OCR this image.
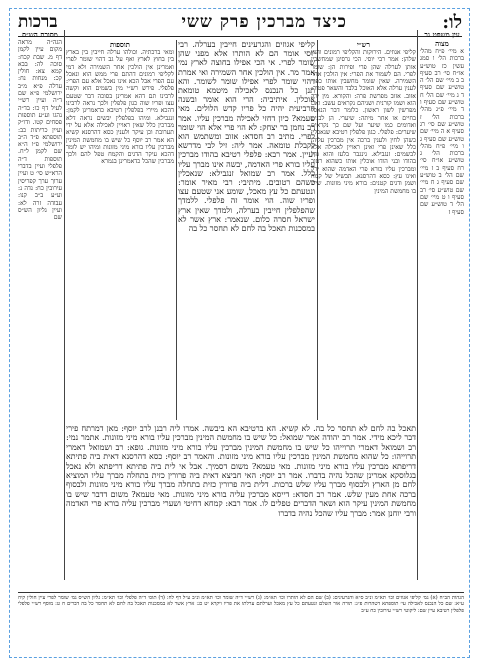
לו:
כיצד מברכין פרק ששי
ברכות
עין משפט נר מצוה
א מיי׳ פ״ח מהל׳ ברכות הל׳ ו סמג עשין כז טוש״ע או״ח סי׳ רב סעיף ב ב מיי׳ שם הל׳ ה טוש״ע שם סעיף ד ג מיי׳ שם הל׳ ח טוש״ע שם סעיף ו ד מיי׳ פ״ג מהל׳ ברכות הל׳ ז טוש״ע שם סי׳ רג סעיף א ה מיי׳ שם טוש״ע שם סעיף ג ו מיי׳ פ״ח מהל׳ ברכות הל׳ ג טוש״ע או״ח סי׳ רח סעיף ב ז מיי׳ שם הל׳ ב טוש״ע שם סעיף ג ח מיי׳ שם טוש״ע סי׳ רב סעיף ו ט מיי׳ שם הל׳ ד טוש״ע שם סעיף ז
מסורת הש״ס
הגה״ה מראה מקום עיין לקמן דף מ. שבת קכח: סוכה לה: בבא קמא צא: חולין קכ: מנחות נח: ערלה פ״א מ״ב ירושלמי פ״א שם ד״ה ועיין רש״י לעיל דף כו: בד״ה נהגו וע״ע תוספות פסחים קטו. ודו״ק ועיין כריתות כב: תוספתא פ״ד ה״ב ירושלמי פ״ו ה״א שם לקמן ל״ח. תוספות ד״ה פלפלי ועיין בדברי הרא״ש סי׳ ט ועיין ערוך ערך קפריסין עירובין כח: נדה נ: וע״ע ב״ב קנו: עבודה זרה לא: ועיין גליון הש״ס שם
רש״י
קליפי אגוזים. הירוקות והקליפי רמונים והנץ שלהן: אמר רבי יוסי. הכי גרסינן שמחשבין אותן לערלה שהן פרי ופירות הן: שומר לפרי. הם לשמור את הפרי: אין הולכין אחר השמירה. שאין שומר מחשבין אותו כפרי לענין ערלה אלא האוכל בלבד והשאר פטור: אזוב. אזוב מפרשת פרה: והקורא. מין ירק הוא ושמו קורנית ושניהם נקראים עשב: ואם מפרשין לשון ראשון. כלומר דבר הנאכל בחיים או אחר מיתה: שיערי. הן לבנים ואדומים כמו שיער ועל שם כך נקראים שיערים: פלפלי. כגון פלפלין רטיבא שנאכלין כשהן לחין ולענין ברכה אין מברכין עליהן כלל שאינן פרי ואינן ראויין לאכילה אלא לבשמים: זנגבילא. גינגבר בלעז והוא גדל בהודו ובני הודו אוכלין אותו כשהוא רטוב ומברכין עליו בורא פרי האדמה שהוא ירק ואינו עץ: כסא דהרסנא. תבשיל של קמח ושמן ודגים קטנים: בורא מיני מזונות. שיש בו מחמשת המינין
תוספות
ומאי ברכתיה. וכולהו ערלה חייבין בין בארץ בין בחוץ לארץ ואף על גב דהוי שומר לפרי ואמרינן אין הולכין אחר השמירה ולא דמי לקליפי רמונים דהתם פרי ממש הוא ונאכל עם הפרי אבל הכא אינו נאכל אלא עם הפרי: פלפלי. פירש רש״י מין בשמים הוא וקשה לרבינו תם דהא אמרינן בסוכה דבר שטעם עצו ופריו שוה כגון פלפלין ולכך נראה לרבינו דהכא מיירי בפלפלין רטיבא כדאמרינן לקמן: זנגבילא. ומיהו בפלפלין יבשים נראה דלא מברכין כלל שאין ראויין לאכילה אלא על ידי תערובת וכן עיקר ולענין כסא דהרסנא קשיא הא אמר רב יוסף כל שיש בו מחמשת המינין מברכין עליו בורא מיני מזונות ומיהו יש לומר דהכא עיקר הדגים והקמח טפל להם ולכך מברכין שהכל כדאמרינן בגמרא
קליפי אגוזים והגרעינים חייבין בערלה. רבי יוסי אומר הם לא הותרו אלא מפני שהן שומר לפרי. אי הכי אפילו בחוצה לארץ נמי אמר מר. אין הולכין אחר השמירה ואי אמרת דהוי שומר לפרי אפילו שומר לשומר. והא תנן כל הנכנס לאכילה מיטמא טומאת אוכלין. איתיביה: הרי הוא אומר ובשנה הרביעית יהיה כל פריו קדש הלולים. מאי טעמא? כיון דחזי לאכילה מברכין עליו. אמר רב נחמן בר יצחק: לא הוי פרי אלא הוי שומר לפרי. מתיב רב חסדא: אזוב ומשתמש הוא לקבלת טומאה. אמר ליה: זיל לבי מדרשא ועיין. אמר רבא: פלפלי רטיבא בהודו מברכין עליו בורא פרי האדמה, יבשה אינו מברך עליו כלל. אמר רב שמואל זנגבילא: שנאכלין כשהם רטובים. מיתיבי: רבי מאיר אומר: ונטעתם כל עץ מאכל, שומע אני שטעם עצו ופריו שוה. הוי אומר זה פלפלי. ללמדך שהפלפלין חייבין בערלה, ולמדך שאין ארץ ישראל חסרה כלום. שנאמר: ארץ אשר לא במסכנות תאכל בה לחם לא תחסר כל בה
תאכל בה לחם לא תחסר כל בה. לא קשיא. הא ברטיבא הא ביבשה. אמרו ליה רבנן לרב יוסף: מאן דמרתח פירי דבר ליכא מידי. אמר רב יהודה אמר שמואל: כל שיש בו מחמשת המינין מברכין עליו בורא מיני מזונות. אתמר נמי: רב ושמואל דאמרי תרוייהו כל שיש בו מחמשת המינין מברכין עליו בורא מיני מזונות. גופא: רב ושמואל דאמרי תרוייהו: כל שהוא מחמשת המינין מברכין עליו בורא מיני מזונות. והאמר רב יוסף: כסא דהרסנא דאית ביה פתיתא דריפתא מברכין עליו בורא מיני מזונות. מאי טעמא? משום דסמיך. אבל אי לית ביה פתיתא דריפתא ולא נאכל בגלוסקא אמרינן שהכל נהיה בדברו. אמר רב יוסף: האי חביצא דאית ביה פרורין כזית בתחלה מברך עליו המוציא לחם מן הארץ ולבסוף מברך עליו שלש ברכות. דלית ביה פרורין כזית בתחלה מברך עליו בורא מיני מזונות ולבסוף ברכה אחת מעין שלש. אמר רב חסדא: דייסא מברכין עליה בורא מיני מזונות. מאי טעמא? משום דדבר שיש בו מחמשת המינין עיקר הוא ושאר הדברים טפלים לו. אמר רבא: קמחא דחיטי ושערי מברכין עליה בורא פרי האדמה ורבי יוחנן אמר: מברך עליו שהכל נהיה בדברו
הגהות הב״ח (א) גמ׳ קליפי אגוזים וכו׳ תא״מ ונ״ב ס״א והגרעינים: (ב) שם הם לא הותרו וכו׳ תא״מ: (ג) רש״י ד״ה שומר וכו׳ תא״מ ונ״ב ע״ל דף לח: (ד) תוס׳ ד״ה פלפלי וכו׳ תא״מ: גליון הש״ס גמ׳ שומר לפרי עיין חולין קיח ע״א: שם כל הנכנס לאכילה עי׳ תוספתא דטהרות פ״ג: תורה אור השלם ונטעתם כל עץ מאכל וערלתם ערלתו את פריו ויקרא יט כג: ארץ אשר לא במסכנות תאכל בה לחם לא תחסר כל בה דברים ח ט: מוסף רש״י פלפלי פלפלין רטיבא עיין שם: ליקוטי רש״י עירובין כח ע״ב
